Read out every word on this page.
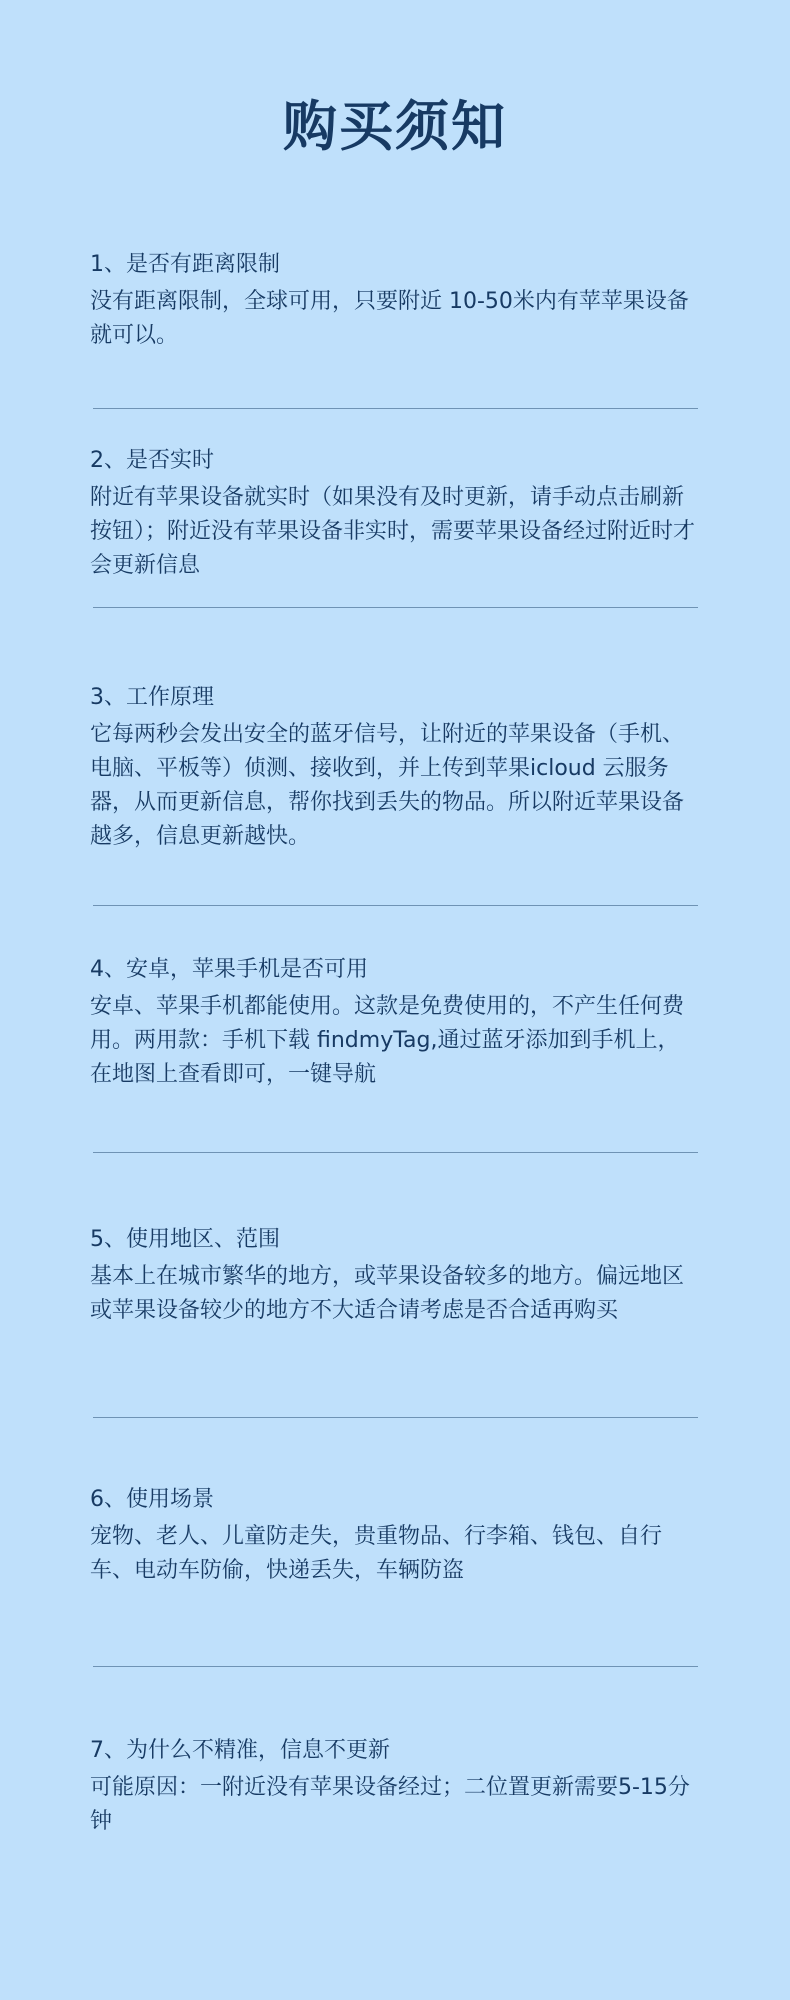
购买须知
1、是否有距离限制
没有距离限制，全球可用，只要附近 10-50米内有苹苹果设备就可以。
2、是否实时
附近有苹果设备就实时（如果没有及时更新，请手动点击刷新按钮）；附近没有苹果设备非实时，需要苹果设备经过附近时才会更新信息
3、工作原理
它每两秒会发出安全的蓝牙信号，让附近的苹果设备（手机、电脑、平板等）侦测、接收到，并上传到苹果icloud 云服务器，从而更新信息，帮你找到丢失的物品。所以附近苹果设备越多，信息更新越快。
4、安卓，苹果手机是否可用
安卓、苹果手机都能使用。这款是免费使用的，不产生任何费用。两用款：手机下载 findmyTag,通过蓝牙添加到手机上，在地图上查看即可，一键导航
5、使用地区、范围
基本上在城市繁华的地方，或苹果设备较多的地方。偏远地区或苹果设备较少的地方不大适合请考虑是否合适再购买
6、使用场景
宠物、老人、儿童防走失，贵重物品、行李箱、钱包、自行车、电动车防偷，快递丢失，车辆防盗
7、为什么不精准，信息不更新
可能原因：一附近没有苹果设备经过；二位置更新需要5-15分钟
